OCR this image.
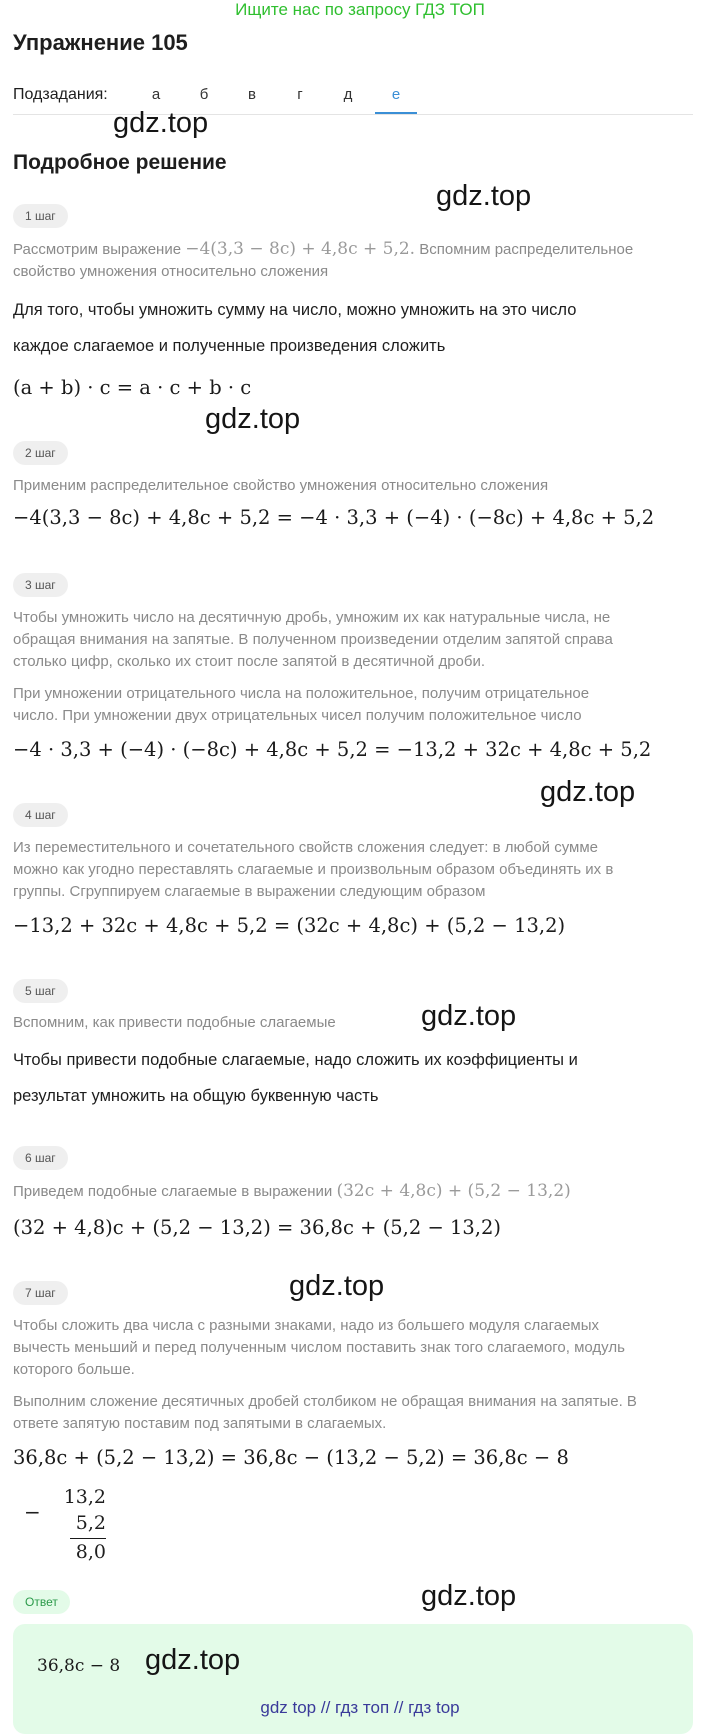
Ищите нас по запросу ГДЗ ТОП
Упражнение 105
Подзадания:	а	б	в	г	д	е
gdz.top
gdz.top
gdz.top
gdz.top
gdz.top
gdz.top
gdz.top
Подробное решение
1 шаг
Рассмотрим выражение −4(3,3 − 8c) + 4,8c + 5,2. Вспомним распределительное
свойство умножения относительно сложения
Для того, чтобы умножить сумму на число, можно умножить на это число
каждое слагаемое и полученные произведения сложить
(a + b) · c = a · c + b · c
2 шаг
Применим распределительное свойство умножения относительно сложения
−4(3,3 − 8c) + 4,8c + 5,2 = −4 · 3,3 + (−4) · (−8c) + 4,8c + 5,2
3 шаг
Чтобы умножить число на десятичную дробь, умножим их как натуральные числа, не
обращая внимания на запятые. В полученном произведении отделим запятой справа
столько цифр, сколько их стоит после запятой в десятичной дроби.
При умножении отрицательного числа на положительное, получим отрицательное
число. При умножении двух отрицательных чисел получим положительное число
−4 · 3,3 + (−4) · (−8c) + 4,8c + 5,2 = −13,2 + 32c + 4,8c + 5,2
4 шаг
Из переместительного и сочетательного свойств сложения следует: в любой сумме
можно как угодно переставлять слагаемые и произвольным образом объединять их в
группы. Сгруппируем слагаемые в выражении следующим образом
−13,2 + 32c + 4,8c + 5,2 = (32c + 4,8c) + (5,2 − 13,2)
5 шаг
Вспомним, как привести подобные слагаемые
Чтобы привести подобные слагаемые, надо сложить их коэффициенты и
результат умножить на общую буквенную часть
6 шаг
Приведем подобные слагаемые в выражении (32c + 4,8c) + (5,2 − 13,2)
(32 + 4,8)c + (5,2 − 13,2) = 36,8c + (5,2 − 13,2)
7 шаг
Чтобы сложить два числа с разными знаками, надо из большего модуля слагаемых
вычесть меньший и перед полученным числом поставить знак того слагаемого, модуль
которого больше.
Выполним сложение десятичных дробей столбиком не обращая внимания на запятые. В
ответе запятую поставим под запятыми в слагаемых.
36,8c + (5,2 − 13,2) = 36,8c − (13,2 − 5,2) = 36,8c − 8
−
13,2
5,2
8,0
Ответ
36,8c − 8 gdz.top
gdz top // гдз топ // гдз top
